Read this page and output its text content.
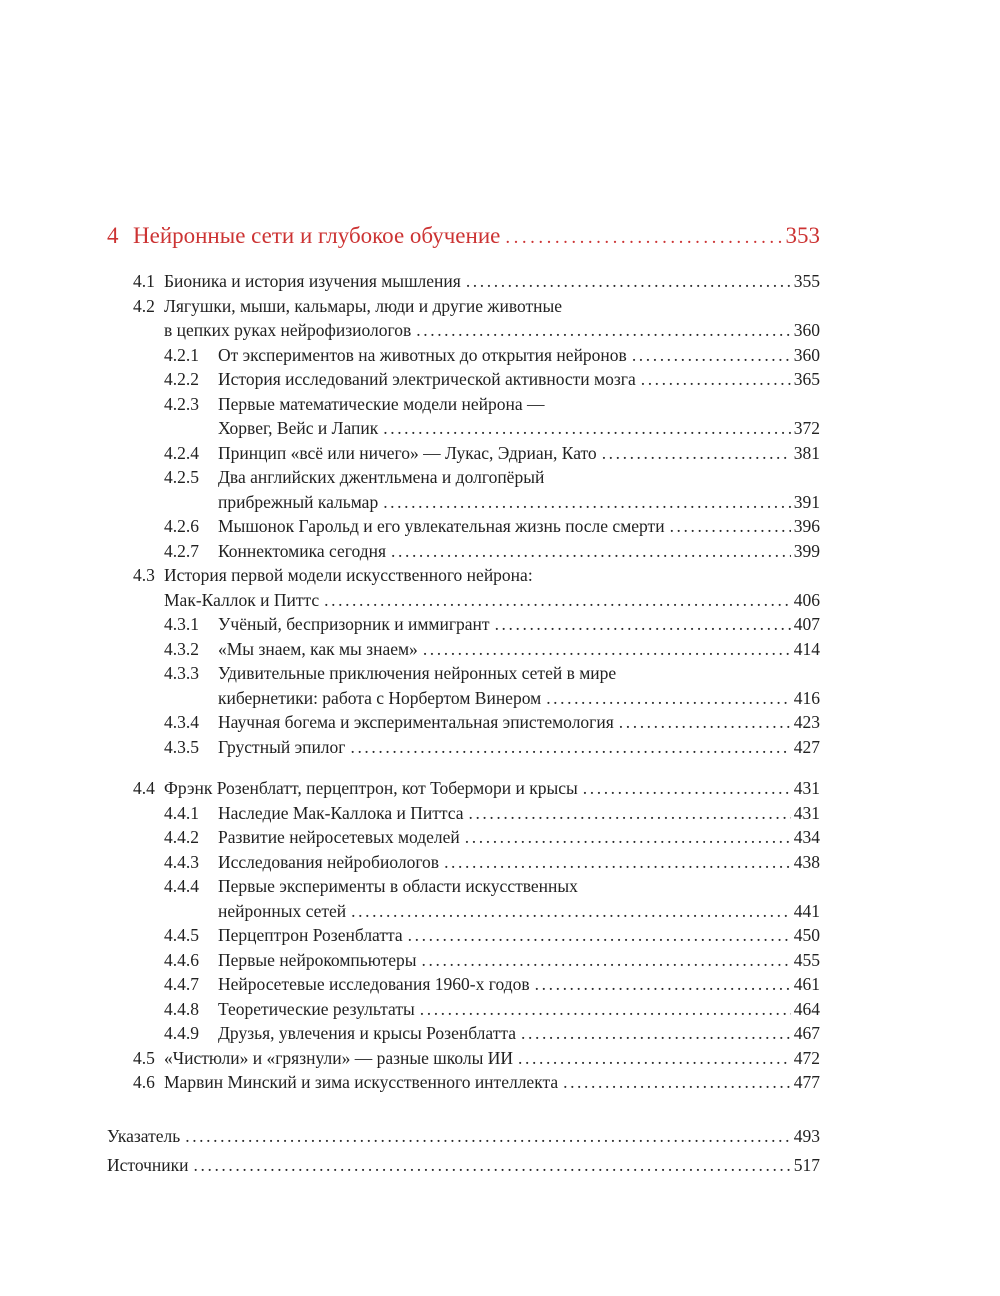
4 Нейронные сети и глубокое обучение .....	353
4.1 Бионика и история изучения мышления .....	355
4.2 Лягушки, мыши, кальмары, люди и другие животные
в цепких руках нейрофизиологов .....	360
4.2.1	От экспериментов на животных до открытия нейронов .....	360
4.2.2	История исследований электрической активности мозга .....	365
4.2.3	Первые математические модели нейрона —
Хорвег, Вейс и Лапик .....	372
4.2.4	Принцип «всё или ничего» — Лукас, Эдриан, Като .....	381
4.2.5	Два английских джентльмена и долгопёрый
прибрежный кальмар .....	391
4.2.6	Мышонок Гарольд и его увлекательная жизнь после смерти .....	396
4.2.7	Коннектомика сегодня .....	399
4.3 История первой модели искусственного нейрона:
Мак-Каллок и Питтс .....	406
4.3.1	Учёный, беспризорник и иммигрант .....	407
4.3.2	«Мы знаем, как мы знаем» .....	414
4.3.3	Удивительные приключения нейронных сетей в мире
кибернетики: работа с Норбертом Винером .....	416
4.3.4	Научная богема и экспериментальная эпистемология .....	423
4.3.5	Грустный эпилог .....	427
4.4 Фрэнк Розенблатт, перцептрон, кот Тобермори и крысы .....	431
4.4.1	Наследие Мак-Каллока и Питтса .....	431
4.4.2	Развитие нейросетевых моделей .....	434
4.4.3	Исследования нейробиологов .....	438
4.4.4	Первые эксперименты в области искусственных
нейронных сетей .....	441
4.4.5	Перцептрон Розенблатта .....	450
4.4.6	Первые нейрокомпьютеры .....	455
4.4.7	Нейросетевые исследования 1960-х годов .....	461
4.4.8	Теоретические результаты .....	464
4.4.9	Друзья, увлечения и крысы Розенблатта .....	467
4.5 «Чистюли» и «грязнули» — разные школы ИИ .....	472
4.6 Марвин Минский и зима искусственного интеллекта .....	477
Указатель .....	493
Источники .....	517
